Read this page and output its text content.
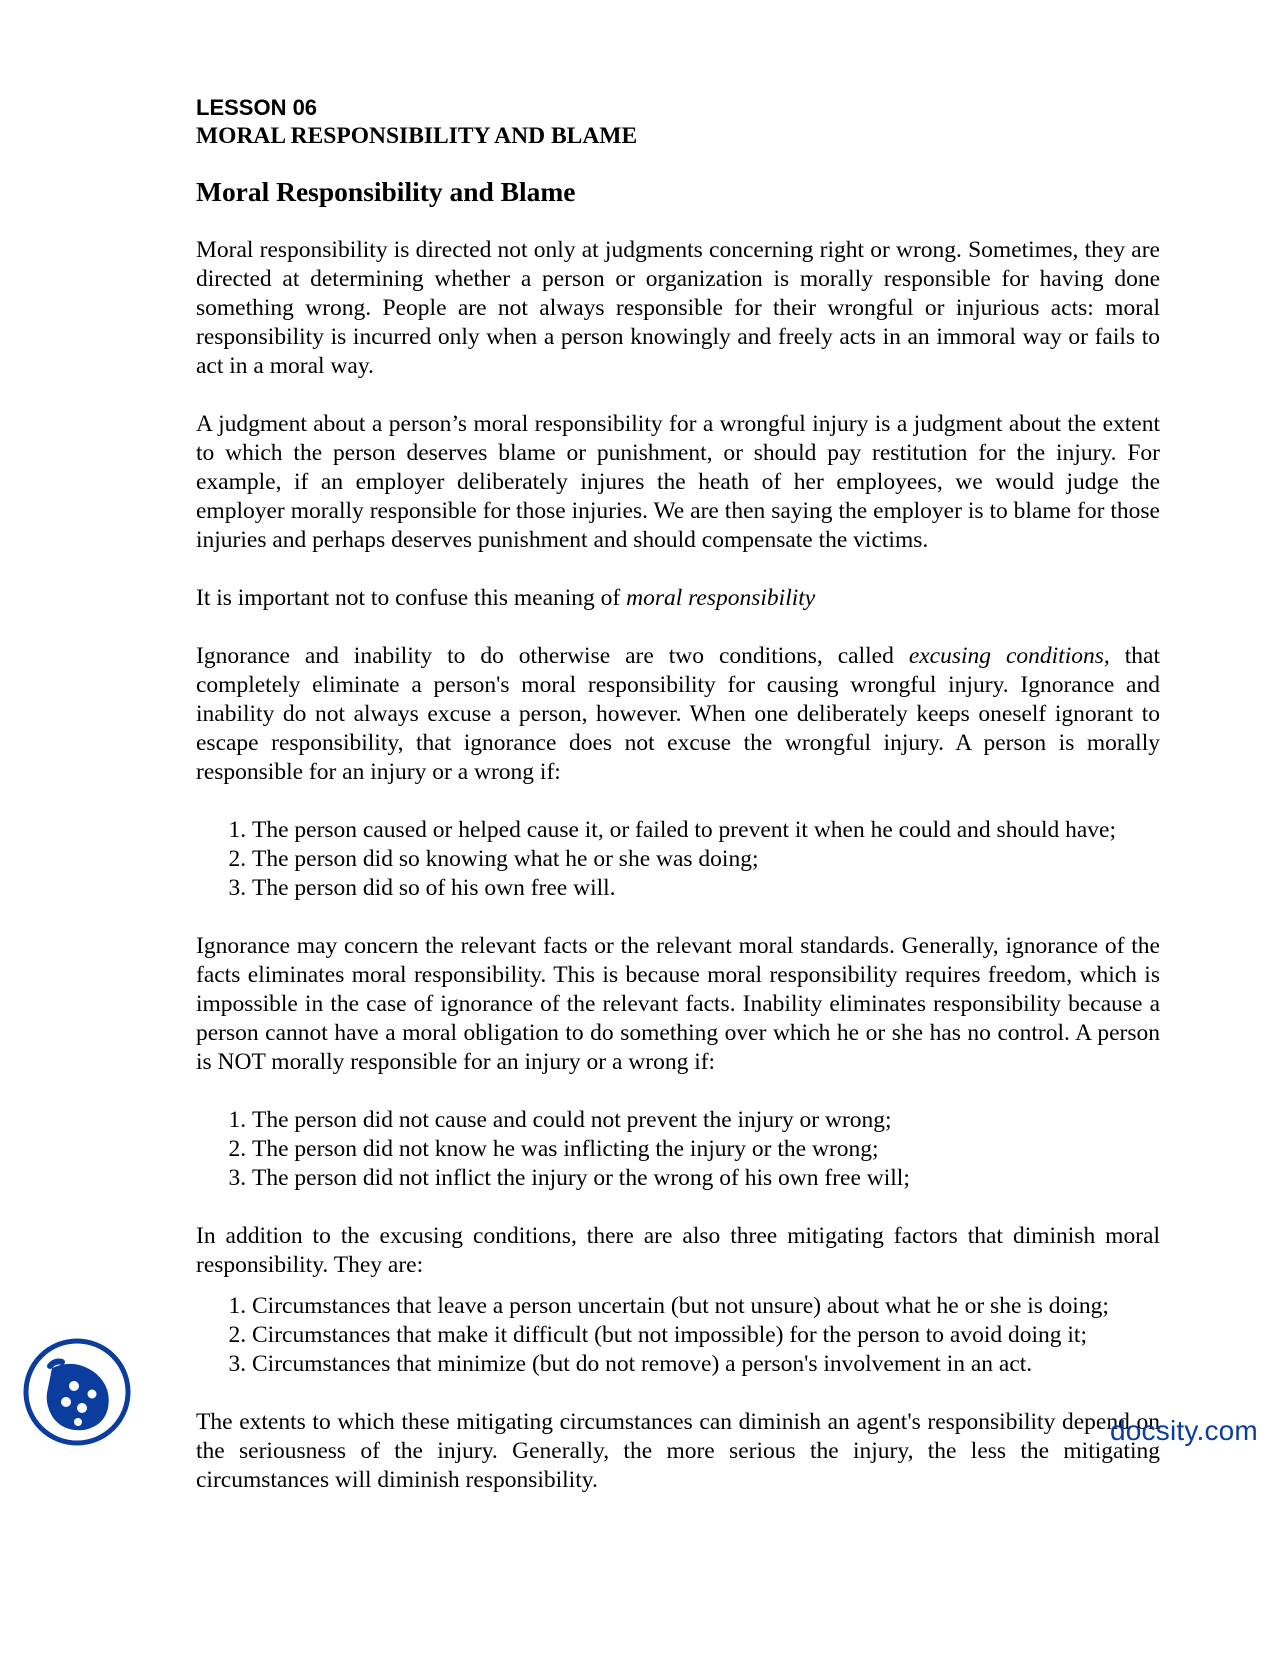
LESSON 06
MORAL RESPONSIBILITY AND BLAME
Moral Responsibility and Blame

Moral responsibility is directed not only at judgments concerning right or wrong. Sometimes, they are directed at determining whether a person or organization is morally responsible for having done something wrong. People are not always responsible for their wrongful or injurious acts: moral responsibility is incurred only when a person knowingly and freely acts in an immoral way or fails to act in a moral way.

A judgment about a person’s moral responsibility for a wrongful injury is a judgment about the extent to which the person deserves blame or punishment, or should pay restitution for the injury. For example, if an employer deliberately injures the heath of her employees, we would judge the employer morally responsible for those injuries. We are then saying the employer is to blame for those injuries and perhaps deserves punishment and should compensate the victims.

It is important not to confuse this meaning of moral responsibility

Ignorance and inability to do otherwise are two conditions, called excusing conditions, that completely eliminate a person's moral responsibility for causing wrongful injury. Ignorance and inability do not always excuse a person, however. When one deliberately keeps oneself ignorant to escape responsibility, that ignorance does not excuse the wrongful injury. A person is morally responsible for an injury or a wrong if:

1. The person caused or helped cause it, or failed to prevent it when he could and should have;
2. The person did so knowing what he or she was doing;
3. The person did so of his own free will.

Ignorance may concern the relevant facts or the relevant moral standards. Generally, ignorance of the facts eliminates moral responsibility. This is because moral responsibility requires freedom, which is impossible in the case of ignorance of the relevant facts. Inability eliminates responsibility because a person cannot have a moral obligation to do something over which he or she has no control. A person is NOT morally responsible for an injury or a wrong if:

1. The person did not cause and could not prevent the injury or wrong;
2. The person did not know he was inflicting the injury or the wrong;
3. The person did not inflict the injury or the wrong of his own free will;

In addition to the excusing conditions, there are also three mitigating factors that diminish moral responsibility. They are:

1. Circumstances that leave a person uncertain (but not unsure) about what he or she is doing;
2. Circumstances that make it difficult (but not impossible) for the person to avoid doing it;
3. Circumstances that minimize (but do not remove) a person's involvement in an act.

The extents to which these mitigating circumstances can diminish an agent's responsibility depend on the seriousness of the injury. Generally, the more serious the injury, the less the mitigating circumstances will diminish responsibility.

docsity.com
